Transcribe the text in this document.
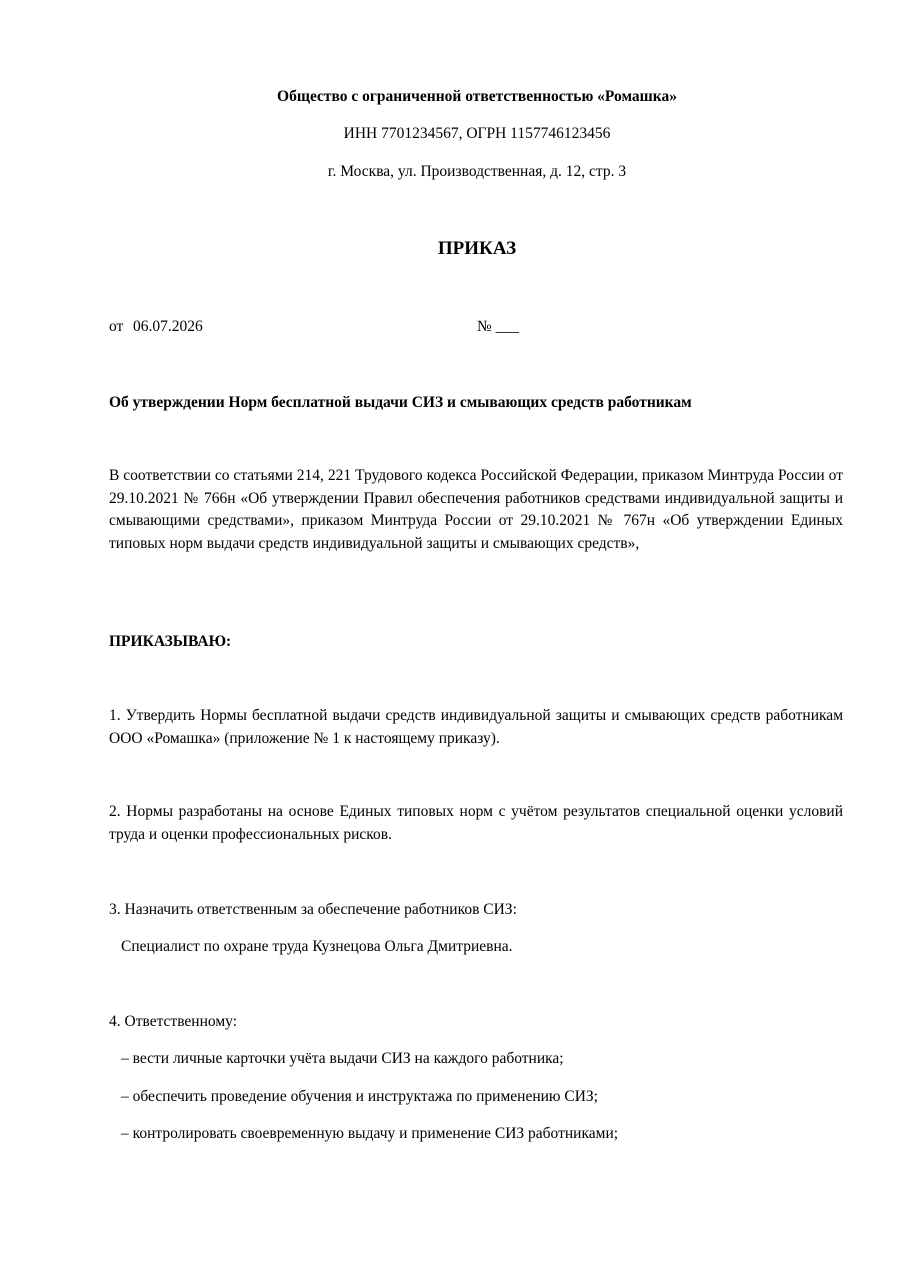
Общество с ограниченной ответственностью «Ромашка»
ИНН 7701234567, ОГРН 1157746123456
г. Москва, ул. Производственная, д. 12, стр. 3
ПРИКАЗ
от 06.07.2026	№ ___
Об утверждении Норм бесплатной выдачи СИЗ и смывающих средств работникам
В соответствии со статьями 214, 221 Трудового кодекса Российской Федерации, приказом Минтруда России от 29.10.2021 № 766н «Об утверждении Правил обеспечения работников средствами индивидуальной защиты и смывающими средствами», приказом Минтруда России от 29.10.2021 № 767н «Об утверждении Единых типовых норм выдачи средств индивидуальной защиты и смывающих средств»,
ПРИКАЗЫВАЮ:
1. Утвердить Нормы бесплатной выдачи средств индивидуальной защиты и смывающих средств работникам ООО «Ромашка» (приложение № 1 к настоящему приказу).
2. Нормы разработаны на основе Единых типовых норм с учётом результатов специальной оценки условий труда и оценки профессиональных рисков.
3. Назначить ответственным за обеспечение работников СИЗ:
Специалист по охране труда Кузнецова Ольга Дмитриевна.
4. Ответственному:
– вести личные карточки учёта выдачи СИЗ на каждого работника;
– обеспечить проведение обучения и инструктажа по применению СИЗ;
– контролировать своевременную выдачу и применение СИЗ работниками;
